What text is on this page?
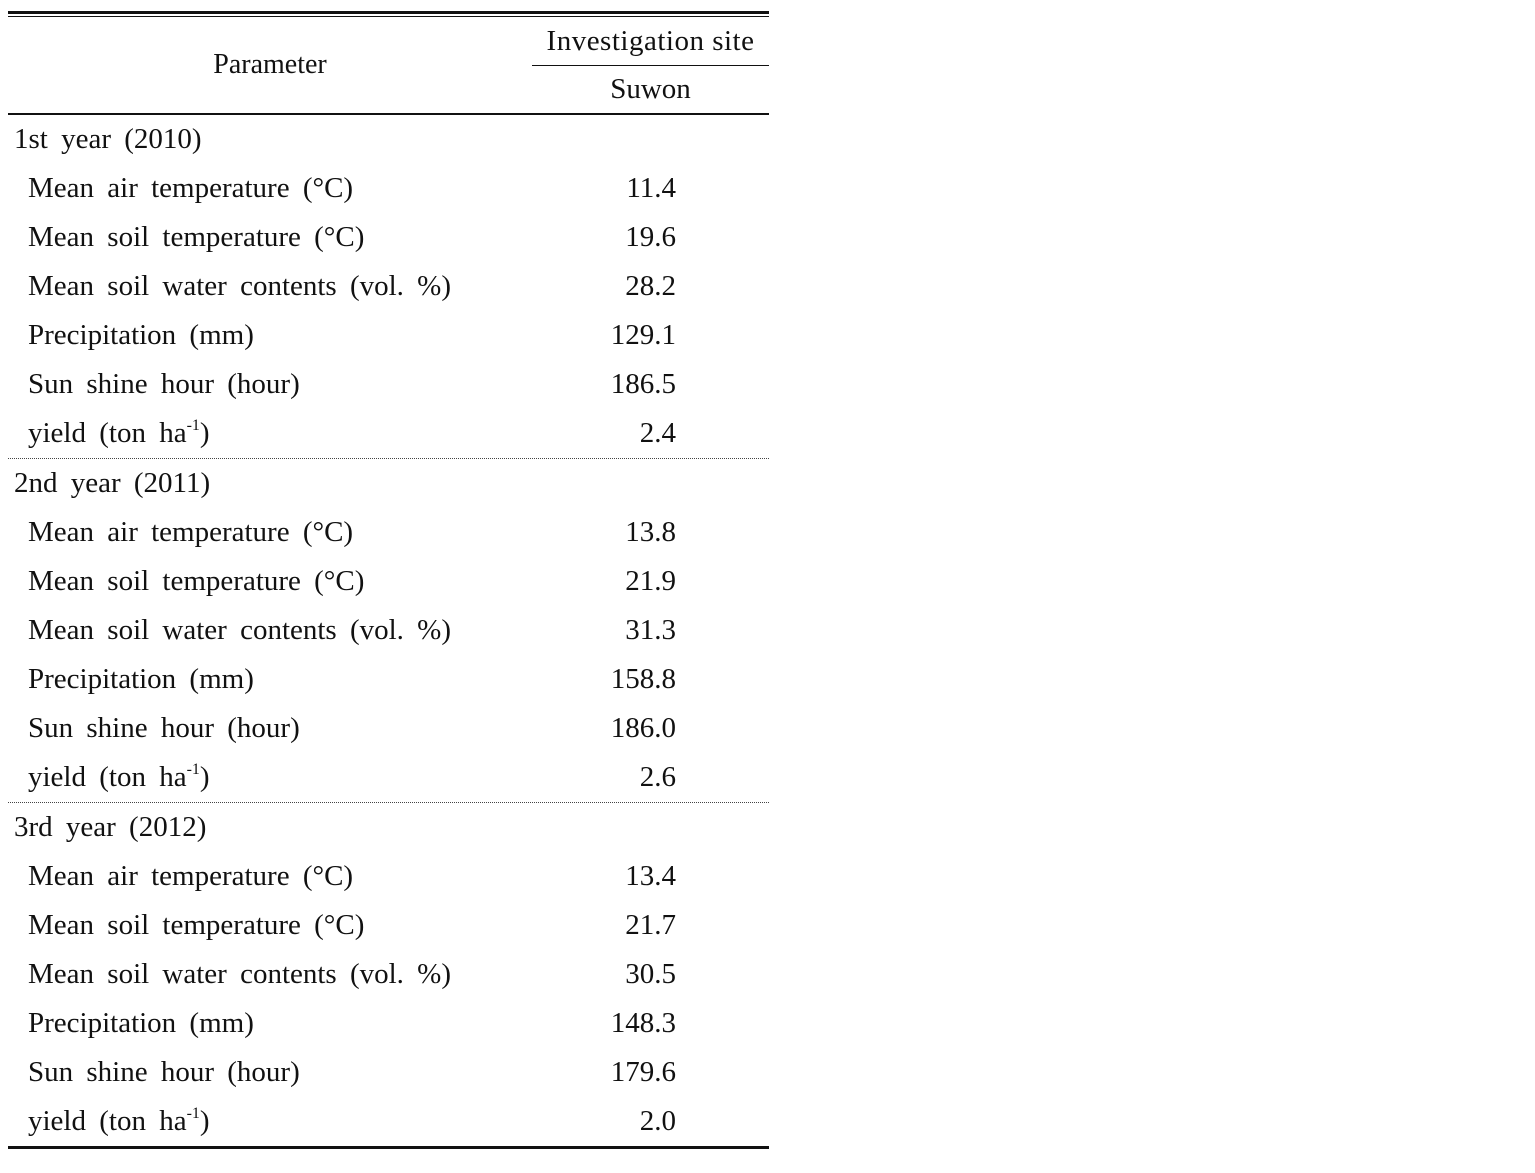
Parameter
Investigation site
Suwon
1st year (2010)
Mean air temperature (°C)	11.4
Mean soil temperature (°C)	19.6
Mean soil water contents (vol. %)	28.2
Precipitation (mm)	129.1
Sun shine hour (hour)	186.5
yield (ton $ha^{-1}$)	2.4
2nd year (2011)
Mean air temperature (°C)	13.8
Mean soil temperature (°C)	21.9
Mean soil water contents (vol. %)	31.3
Precipitation (mm)	158.8
Sun shine hour (hour)	186.0
yield (ton $ha^{-1}$)	2.6
3rd year (2012)
Mean air temperature (°C)	13.4
Mean soil temperature (°C)	21.7
Mean soil water contents (vol. %)	30.5
Precipitation (mm)	148.3
Sun shine hour (hour)	179.6
yield (ton $ha^{-1}$)	2.0
